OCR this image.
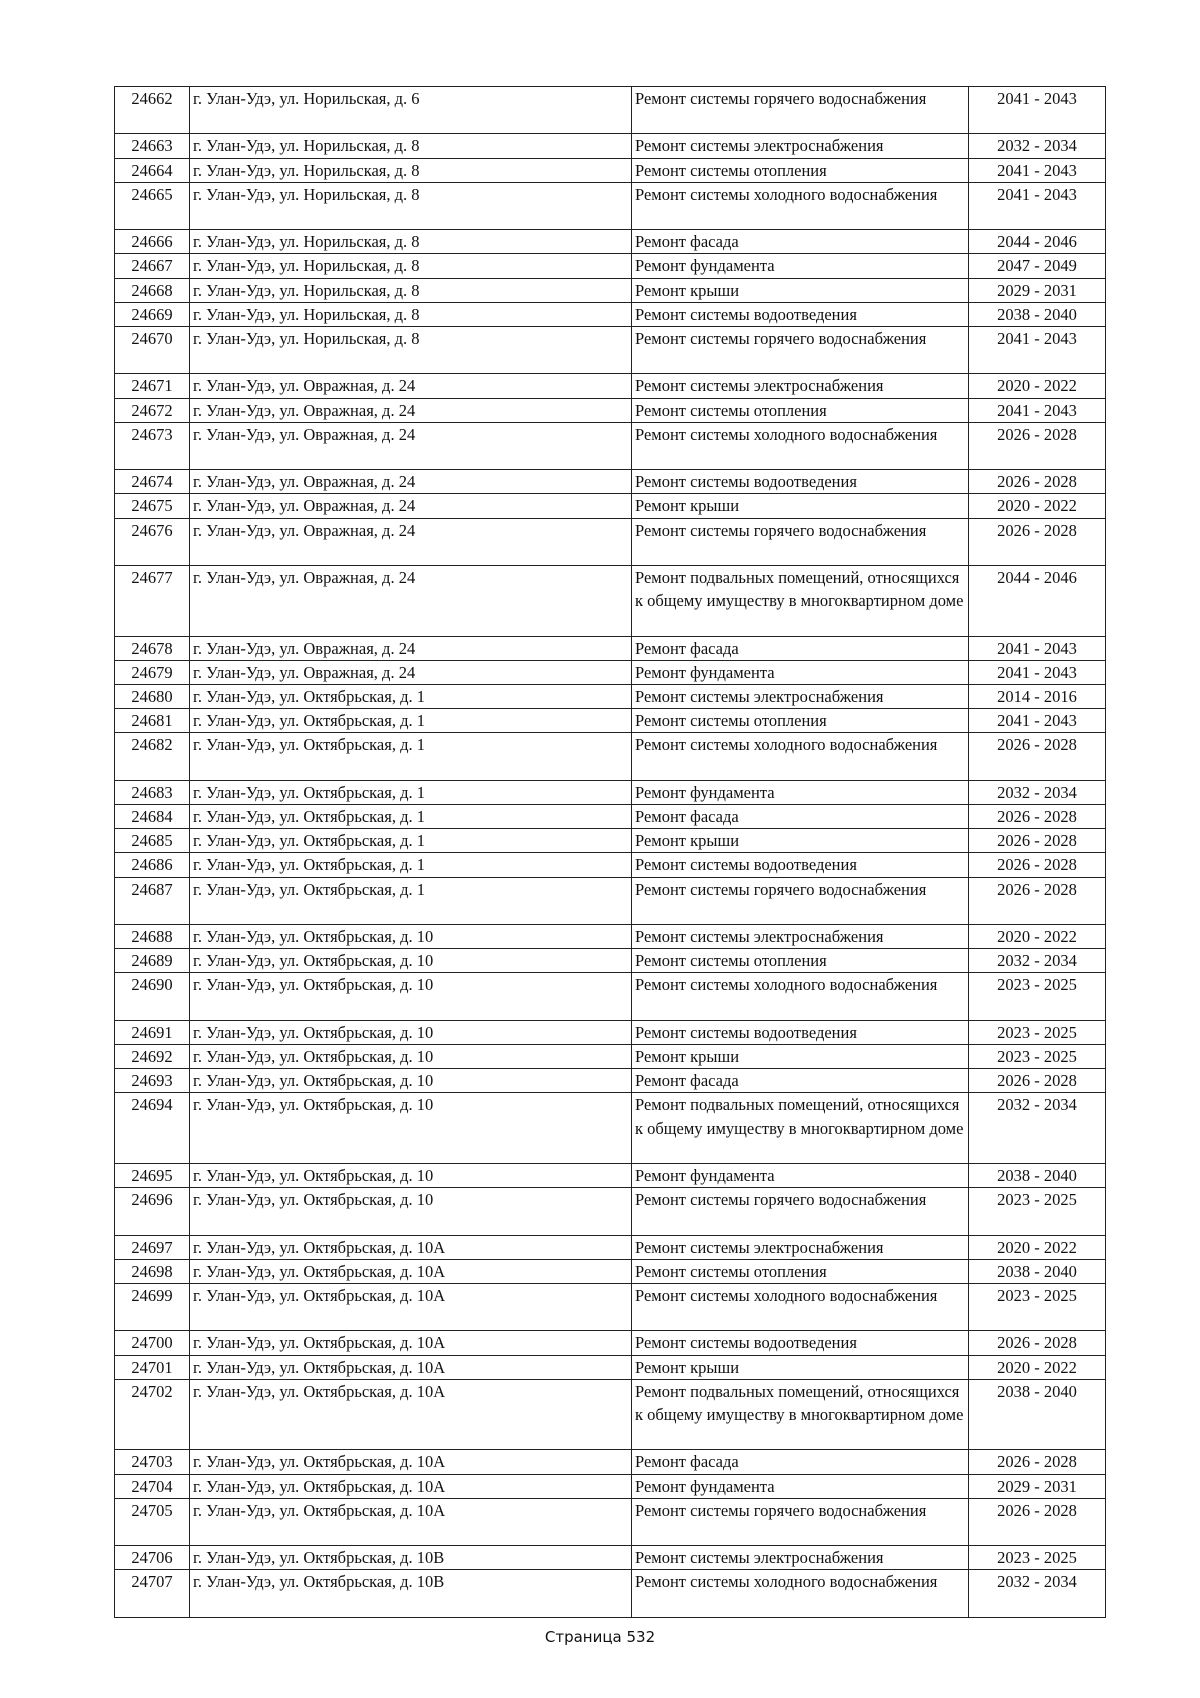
24662	г. Улан-Удэ, ул. Норильская, д. 6	Ремонт системы горячего водоснабжения	2041 - 2043
24663	г. Улан-Удэ, ул. Норильская, д. 8	Ремонт системы электроснабжения	2032 - 2034
24664	г. Улан-Удэ, ул. Норильская, д. 8	Ремонт системы отопления	2041 - 2043
24665	г. Улан-Удэ, ул. Норильская, д. 8	Ремонт системы холодного водоснабжения	2041 - 2043
24666	г. Улан-Удэ, ул. Норильская, д. 8	Ремонт фасада	2044 - 2046
24667	г. Улан-Удэ, ул. Норильская, д. 8	Ремонт фундамента	2047 - 2049
24668	г. Улан-Удэ, ул. Норильская, д. 8	Ремонт крыши	2029 - 2031
24669	г. Улан-Удэ, ул. Норильская, д. 8	Ремонт системы водоотведения	2038 - 2040
24670	г. Улан-Удэ, ул. Норильская, д. 8	Ремонт системы горячего водоснабжения	2041 - 2043
24671	г. Улан-Удэ, ул. Овражная, д. 24	Ремонт системы электроснабжения	2020 - 2022
24672	г. Улан-Удэ, ул. Овражная, д. 24	Ремонт системы отопления	2041 - 2043
24673	г. Улан-Удэ, ул. Овражная, д. 24	Ремонт системы холодного водоснабжения	2026 - 2028
24674	г. Улан-Удэ, ул. Овражная, д. 24	Ремонт системы водоотведения	2026 - 2028
24675	г. Улан-Удэ, ул. Овражная, д. 24	Ремонт крыши	2020 - 2022
24676	г. Улан-Удэ, ул. Овражная, д. 24	Ремонт системы горячего водоснабжения	2026 - 2028
24677	г. Улан-Удэ, ул. Овражная, д. 24	Ремонт подвальных помещений, относящихся к общему имуществу в многоквартирном доме	2044 - 2046
24678	г. Улан-Удэ, ул. Овражная, д. 24	Ремонт фасада	2041 - 2043
24679	г. Улан-Удэ, ул. Овражная, д. 24	Ремонт фундамента	2041 - 2043
24680	г. Улан-Удэ, ул. Октябрьская, д. 1	Ремонт системы электроснабжения	2014 - 2016
24681	г. Улан-Удэ, ул. Октябрьская, д. 1	Ремонт системы отопления	2041 - 2043
24682	г. Улан-Удэ, ул. Октябрьская, д. 1	Ремонт системы холодного водоснабжения	2026 - 2028
24683	г. Улан-Удэ, ул. Октябрьская, д. 1	Ремонт фундамента	2032 - 2034
24684	г. Улан-Удэ, ул. Октябрьская, д. 1	Ремонт фасада	2026 - 2028
24685	г. Улан-Удэ, ул. Октябрьская, д. 1	Ремонт крыши	2026 - 2028
24686	г. Улан-Удэ, ул. Октябрьская, д. 1	Ремонт системы водоотведения	2026 - 2028
24687	г. Улан-Удэ, ул. Октябрьская, д. 1	Ремонт системы горячего водоснабжения	2026 - 2028
24688	г. Улан-Удэ, ул. Октябрьская, д. 10	Ремонт системы электроснабжения	2020 - 2022
24689	г. Улан-Удэ, ул. Октябрьская, д. 10	Ремонт системы отопления	2032 - 2034
24690	г. Улан-Удэ, ул. Октябрьская, д. 10	Ремонт системы холодного водоснабжения	2023 - 2025
24691	г. Улан-Удэ, ул. Октябрьская, д. 10	Ремонт системы водоотведения	2023 - 2025
24692	г. Улан-Удэ, ул. Октябрьская, д. 10	Ремонт крыши	2023 - 2025
24693	г. Улан-Удэ, ул. Октябрьская, д. 10	Ремонт фасада	2026 - 2028
24694	г. Улан-Удэ, ул. Октябрьская, д. 10	Ремонт подвальных помещений, относящихся к общему имуществу в многоквартирном доме	2032 - 2034
24695	г. Улан-Удэ, ул. Октябрьская, д. 10	Ремонт фундамента	2038 - 2040
24696	г. Улан-Удэ, ул. Октябрьская, д. 10	Ремонт системы горячего водоснабжения	2023 - 2025
24697	г. Улан-Удэ, ул. Октябрьская, д. 10А	Ремонт системы электроснабжения	2020 - 2022
24698	г. Улан-Удэ, ул. Октябрьская, д. 10А	Ремонт системы отопления	2038 - 2040
24699	г. Улан-Удэ, ул. Октябрьская, д. 10А	Ремонт системы холодного водоснабжения	2023 - 2025
24700	г. Улан-Удэ, ул. Октябрьская, д. 10А	Ремонт системы водоотведения	2026 - 2028
24701	г. Улан-Удэ, ул. Октябрьская, д. 10А	Ремонт крыши	2020 - 2022
24702	г. Улан-Удэ, ул. Октябрьская, д. 10А	Ремонт подвальных помещений, относящихся к общему имуществу в многоквартирном доме	2038 - 2040
24703	г. Улан-Удэ, ул. Октябрьская, д. 10А	Ремонт фасада	2026 - 2028
24704	г. Улан-Удэ, ул. Октябрьская, д. 10А	Ремонт фундамента	2029 - 2031
24705	г. Улан-Удэ, ул. Октябрьская, д. 10А	Ремонт системы горячего водоснабжения	2026 - 2028
24706	г. Улан-Удэ, ул. Октябрьская, д. 10В	Ремонт системы электроснабжения	2023 - 2025
24707	г. Улан-Удэ, ул. Октябрьская, д. 10В	Ремонт системы холодного водоснабжения	2032 - 2034
Страница 532
